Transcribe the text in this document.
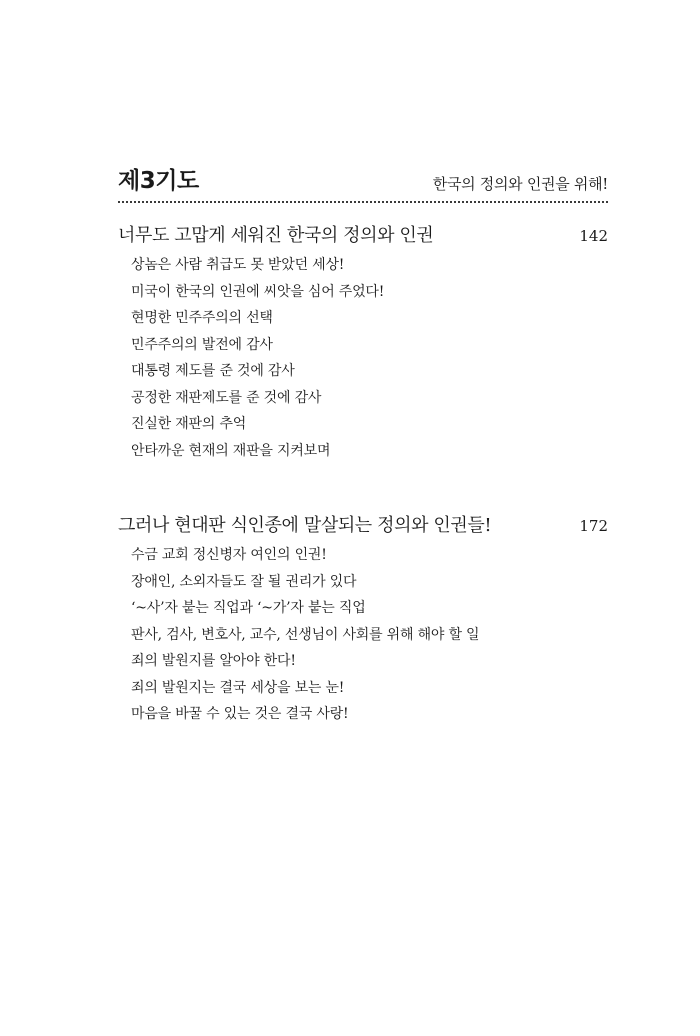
제3기도	한국의 정의와 인권을 위해!
너무도 고맙게 세워진 한국의 정의와 인권	142
상놈은 사람 취급도 못 받았던 세상!
미국이 한국의 인권에 씨앗을 심어 주었다!
현명한 민주주의의 선택
민주주의의 발전에 감사
대통령 제도를 준 것에 감사
공정한 재판제도를 준 것에 감사
진실한 재판의 추억
안타까운 현재의 재판을 지켜보며
그러나 현대판 식인종에 말살되는 정의와 인권들!	172
수금 교회 정신병자 여인의 인권!
장애인, 소외자들도 잘 될 권리가 있다
‘~사’자 붙는 직업과 ‘~가’자 붙는 직업
판사, 검사, 변호사, 교수, 선생님이 사회를 위해 해야 할 일
죄의 발원지를 알아야 한다!
죄의 발원지는 결국 세상을 보는 눈!
마음을 바꿀 수 있는 것은 결국 사랑!
